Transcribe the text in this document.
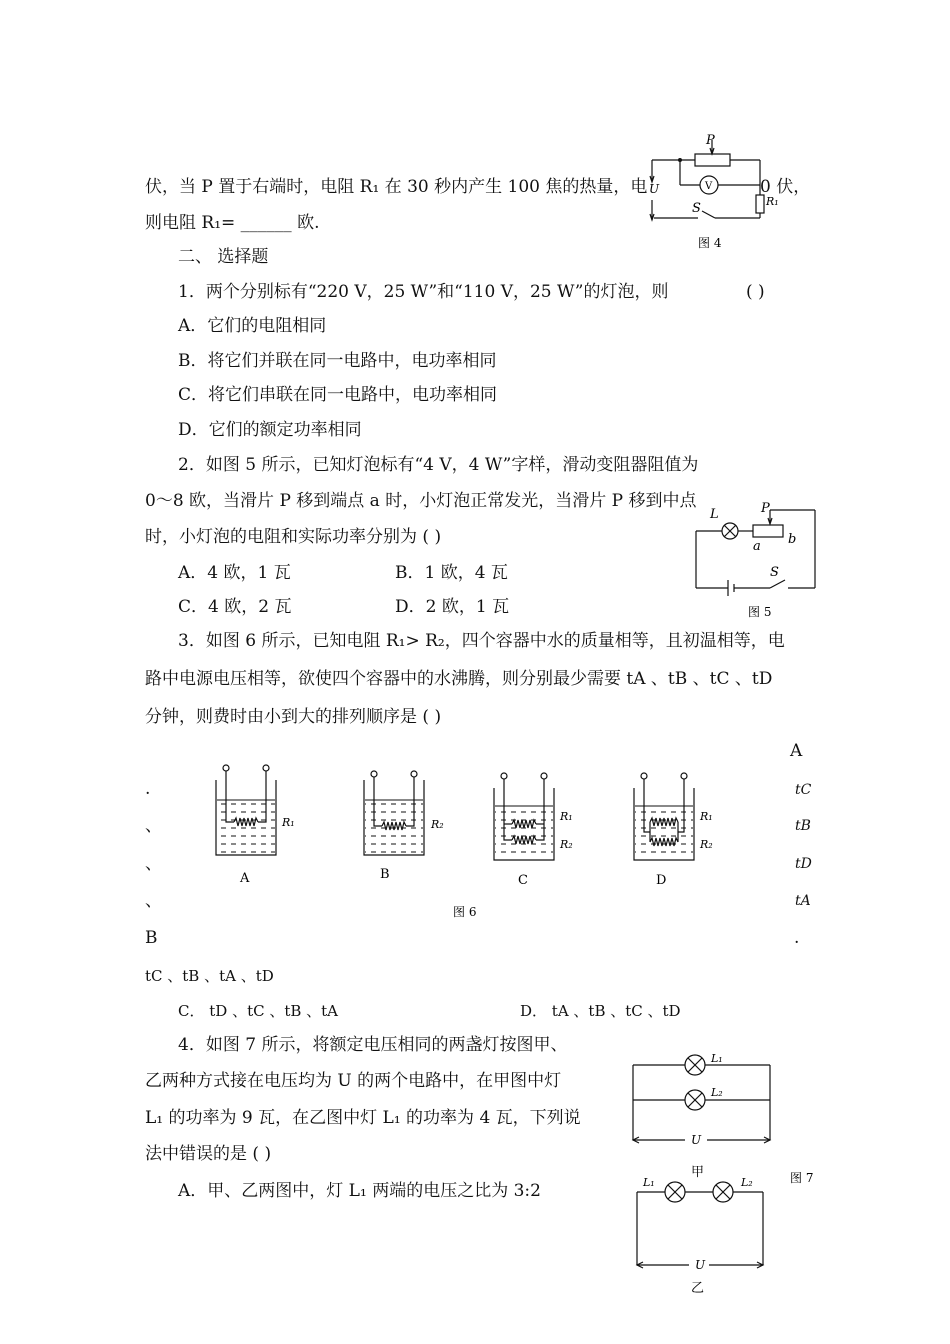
伏，当 P 置于右端时，电阻 R₁ 在 30 秒内产生 100 焦的热量，电	0 伏，
则电阻 R₁= ______ 欧.
二、 选择题
1．两个分别标有“220 V，25 W”和“110 V，25 W”的灯泡，则	( )
A．它们的电阻相同
B．将它们并联在同一电路中，电功率相同
C．将它们串联在同一电路中，电功率相同
D．它们的额定功率相同
2．如图 5 所示，已知灯泡标有“4 V，4 W”字样，滑动变阻器阻值为
0～8 欧，当滑片 P 移到端点 a 时，小灯泡正常发光，当滑片 P 移到中点
时，小灯泡的电阻和实际功率分别为 ( )
A．4 欧，1 瓦	B．1 欧，4 瓦
C．4 欧，2 瓦	D．2 欧，1 瓦
3．如图 6 所示，已知电阻 R₁> R₂，四个容器中水的质量相等，且初温相等，电
路中电源电压相等，欲使四个容器中的水沸腾，则分别最少需要 tA 、tB 、tC 、tD
分钟，则费时由小到大的排列顺序是 ( )
A
tC
tB
tD
tA
.
.
、
、
、
B
tC 、tB 、tA 、tD
C． tD 、tC 、tB 、tA	D． tA 、tB 、tC 、tD
4．如图 7 所示，将额定电压相同的两盏灯按图甲、
乙两种方式接在电压均为 U 的两个电路中，在甲图中灯
L₁ 的功率为 9 瓦，在乙图中灯 L₁ 的功率为 4 瓦，下列说
法中错误的是 ( )
A．甲、乙两图中，灯 L₁ 两端的电压之比为 3:2
P
U	V
S	R₁
图 4
L	P
a b
S
图 5
R₁
A
R₂
B
R₁
R₂
C
R₁
R₂
D
图 6
L₁
L₂
U
甲	图 7
L₁	L₂
U
乙
